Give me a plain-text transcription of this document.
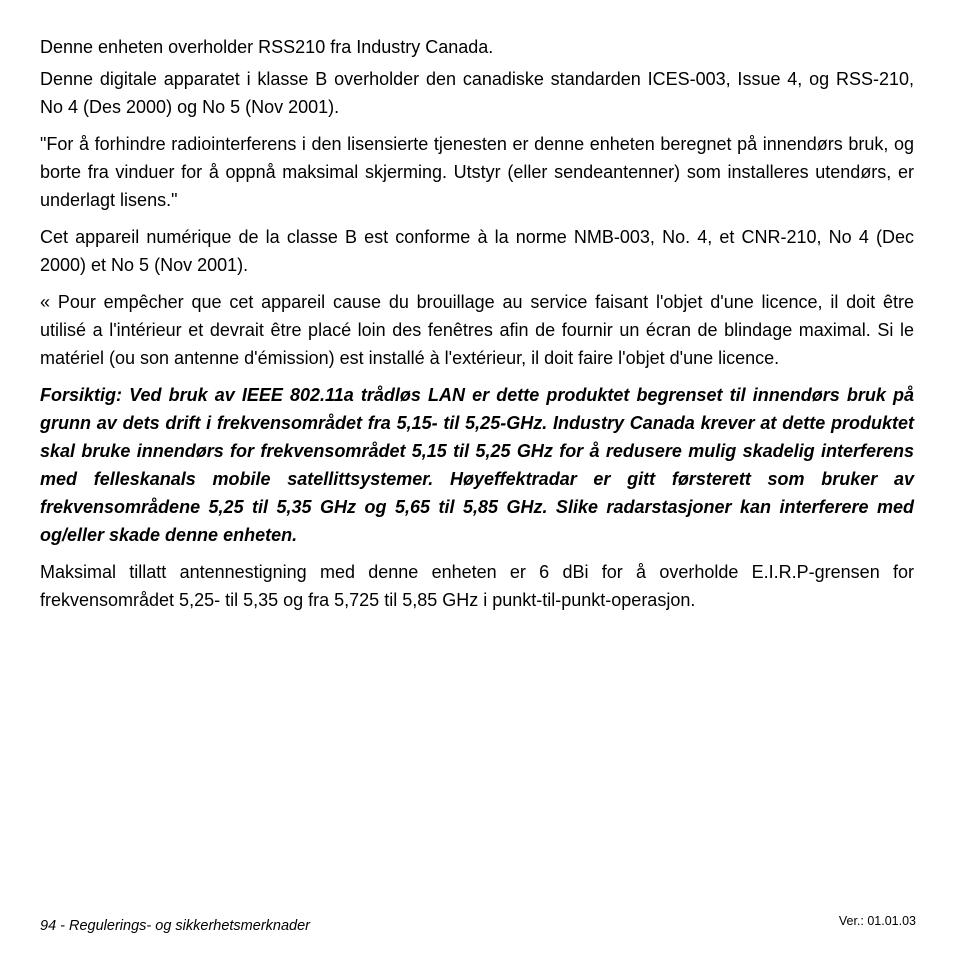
Denne enheten overholder RSS210 fra Industry Canada.

Denne digitale apparatet i klasse B overholder den canadiske standarden ICES-003, Issue 4, og RSS-210, No 4 (Des 2000) og No 5 (Nov 2001).

"For å forhindre radiointerferens i den lisensierte tjenesten er denne enheten beregnet på innendørs bruk, og borte fra vinduer for å oppnå maksimal skjerming. Utstyr (eller sendeantenner) som installeres utendørs, er underlagt lisens."

Cet appareil numérique de la classe B est conforme à la norme NMB-003, No. 4, et CNR-210, No 4 (Dec 2000) et No 5 (Nov 2001).

« Pour empêcher que cet appareil cause du brouillage au service faisant l'objet d'une licence, il doit être utilisé a l'intérieur et devrait être placé loin des fenêtres afin de fournir un écran de blindage maximal. Si le matériel (ou son antenne d'émission) est installé à l'extérieur, il doit faire l'objet d'une licence.

Forsiktig: Ved bruk av IEEE 802.11a trådløs LAN er dette produktet begrenset til innendørs bruk på grunn av dets drift i frekvensområdet fra 5,15- til 5,25-GHz. Industry Canada krever at dette produktet skal bruke innendørs for frekvensområdet 5,15 til 5,25 GHz for å redusere mulig skadelig interferens med felleskanals mobile satellittsystemer. Høyeffektradar er gitt førsterett som bruker av frekvensområdene 5,25 til 5,35 GHz og 5,65 til 5,85 GHz. Slike radarstasjoner kan interferere med og/eller skade denne enheten.

Maksimal tillatt antennestigning med denne enheten er 6 dBi for å overholde E.I.R.P-grensen for frekvensområdet 5,25- til 5,35 og fra 5,725 til 5,85 GHz i punkt-til-punkt-operasjon.

94 - Regulerings- og sikkerhetsmerknader	Ver.: 01.01.03
